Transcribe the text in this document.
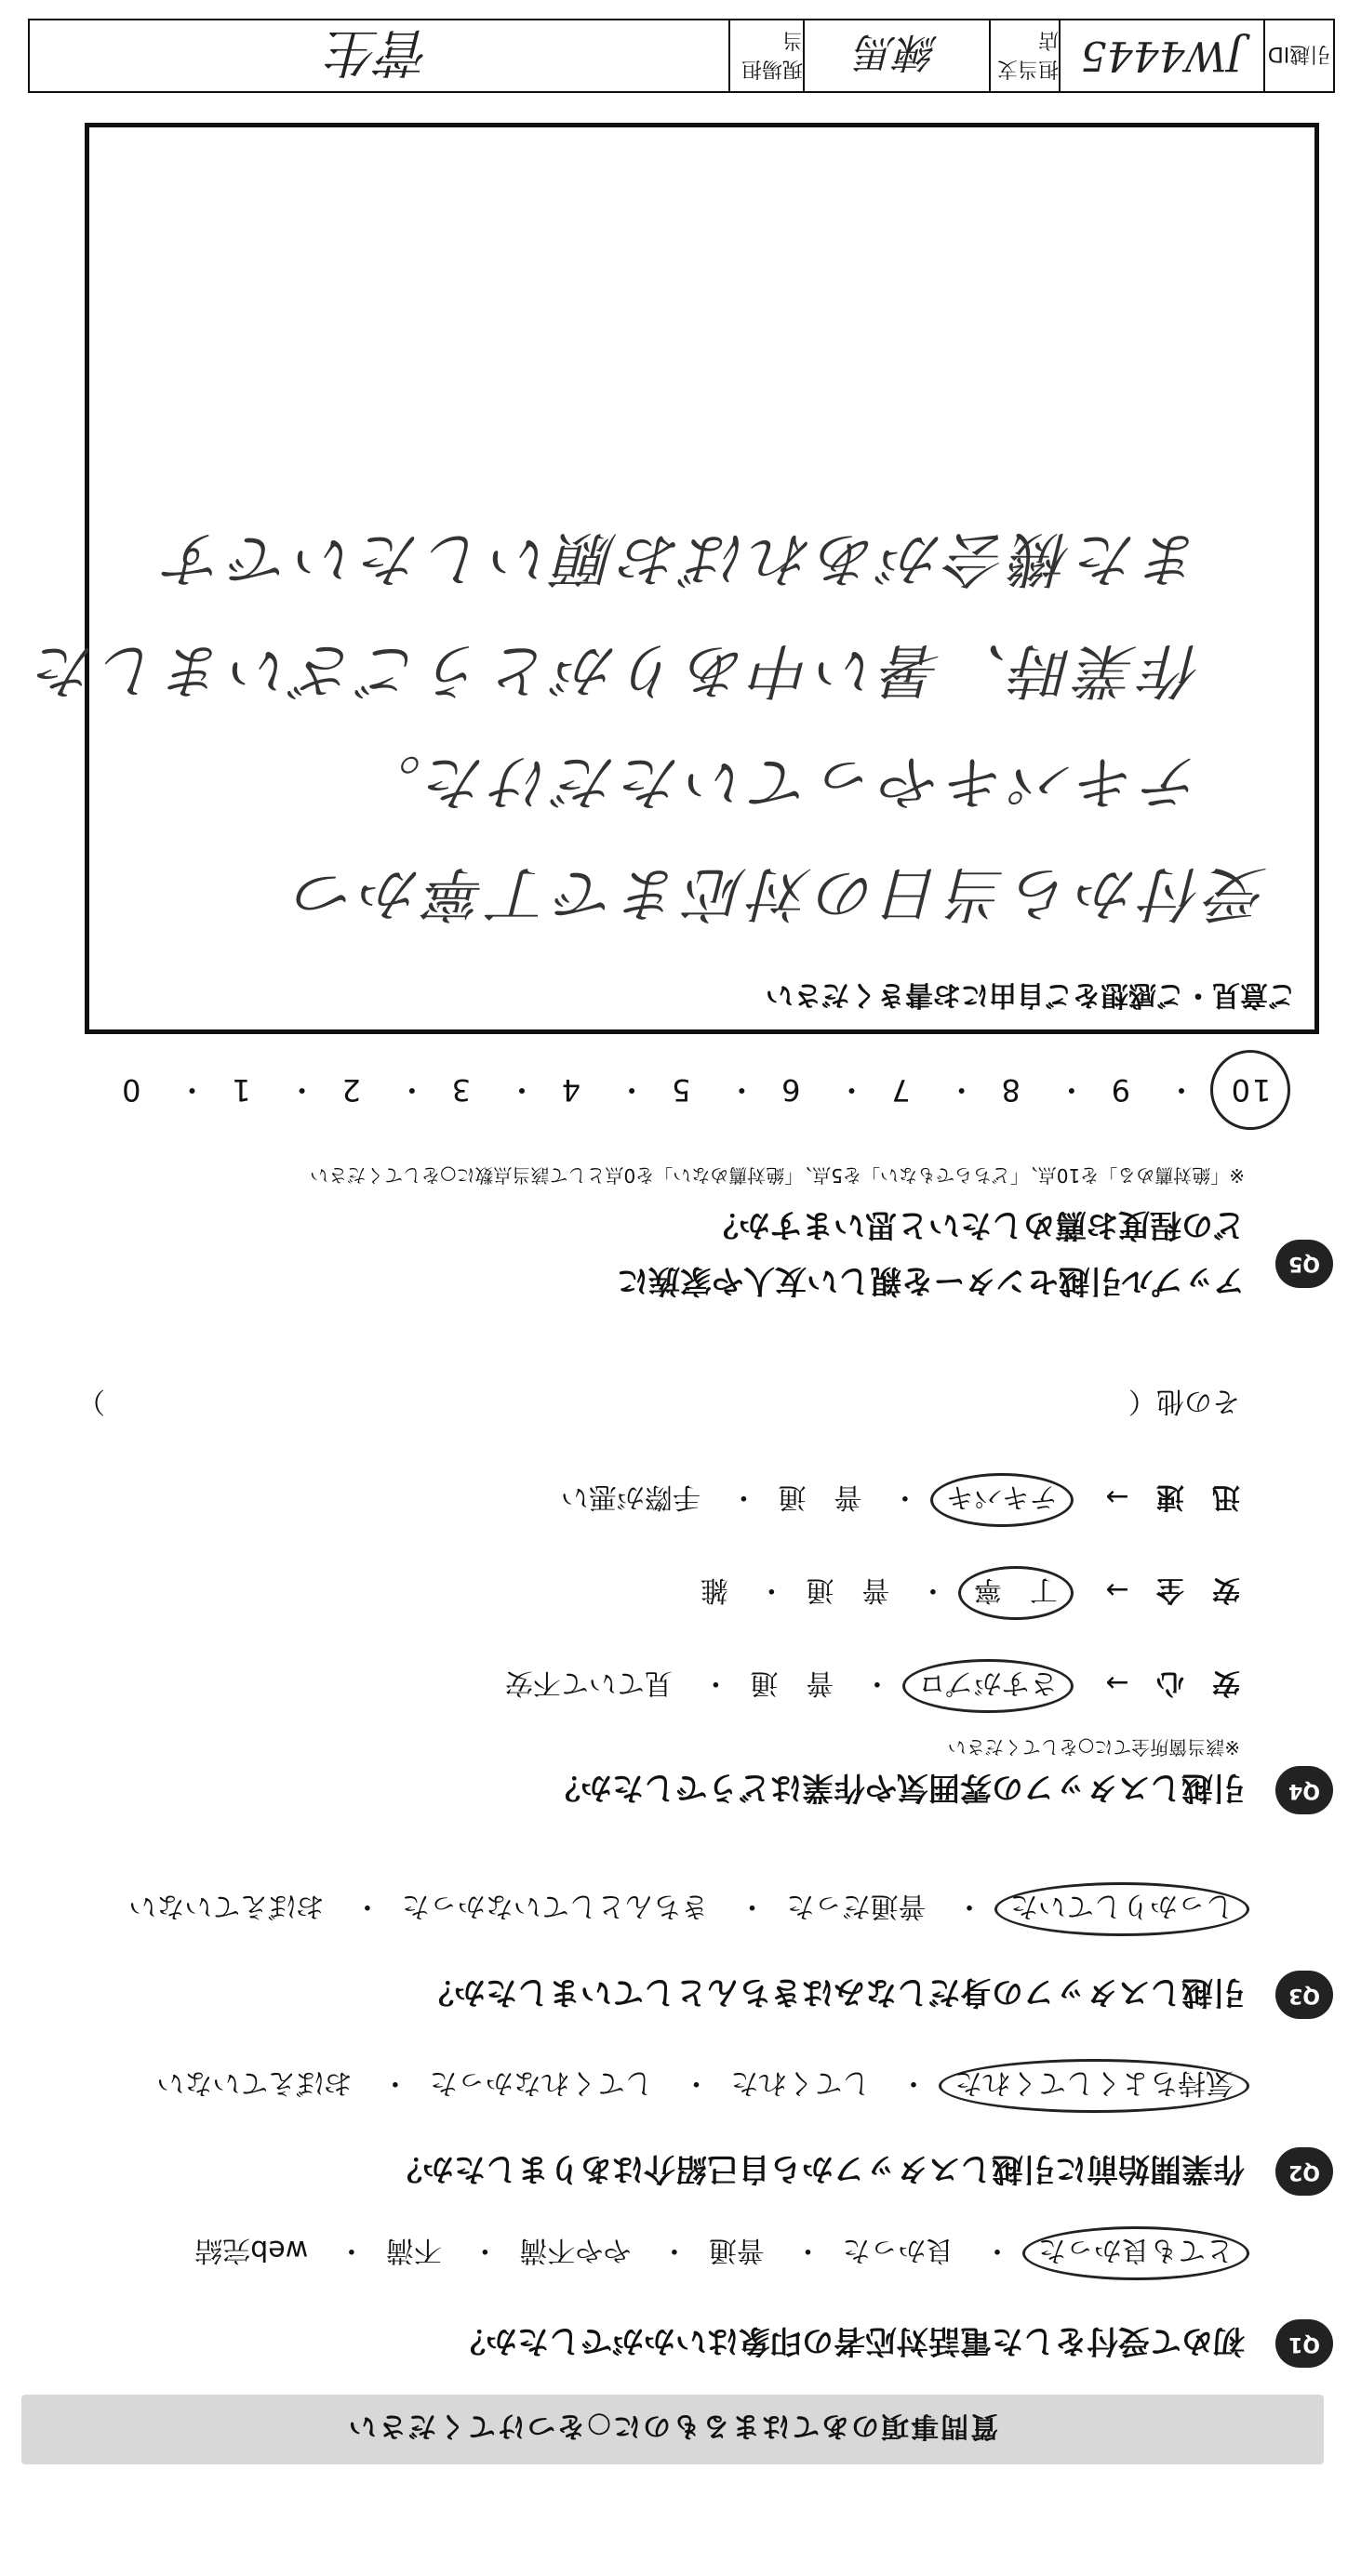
質問事項のあてはまるものに○をつけてください
Q1
初めて受付をした電話対応者の印象はいかがでしたか？
とても良かった・ 良かった・ 普通・ やや不満・ 不満・ web完結
Q2
作業開始前に引越しスタッフから自己紹介はありましたか？
気持ちよくしてくれた・ してくれた・ してくれなかった・ おぼえていない
Q3
引越しスタッフの身だしなみはきちんとしていましたか？
しっかりしていた・ 普通だった・ きちんとしていなかった・ おぼえていない
Q4
引越しスタッフの雰囲気や作業はどうでしたか？
※該当箇所全てに○をしてください
安　心 → さすがプロ・ 普　通・ 見ていて不安
安　全 → 丁　寧・ 普　通・ 雑
迅　速 → テキパキ・ 普　通・ 手際が悪い
その他（
）
Q5
アップル引越センターを親しい友人や家族に
どの程度お薦めしたいと思いますか？
※「絶対薦める」を10点、「どちらでもない」を5点、「絶対薦めない」を0点として該当点数に○をしてください
10・ 9・ 8・ 7・ 6・ 5・ 4・ 3・ 2・ 1・ 0
ご意見・ご感想をご自由にお書きください
受付から当日の対応まで丁寧かつ
テキパキやっていただけた。
作業時、暑い中ありがとうございました
また機会があればお願いしたいです
引越ID
JW4445
担当支店
練馬
現場担当
菅生
